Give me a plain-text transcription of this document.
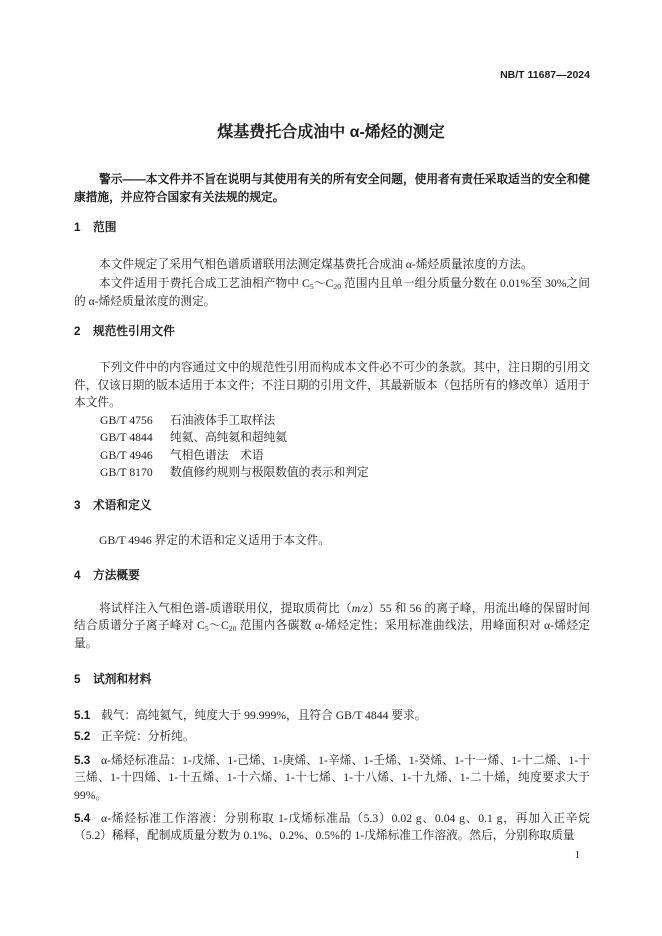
NB/T 11687—2024
煤基费托合成油中 α-烯烃的测定

警示——本文件并不旨在说明与其使用有关的所有安全问题，使用者有责任采取适当的安全和健康措施，并应符合国家有关法规的规定。

1 范围

本文件规定了采用气相色谱质谱联用法测定煤基费托合成油 α-烯烃质量浓度的方法。

本文件适用于费托合成工艺油相产物中 $C_5\sim C_{20}$ 范围内且单一组分质量分数在 0.01%至 30%之间的 α-烯烃质量浓度的测定。

2 规范性引用文件

下列文件中的内容通过文中的规范性引用而构成本文件必不可少的条款。其中，注日期的引用文件，仅该日期的版本适用于本文件；不注日期的引用文件，其最新版本（包括所有的修改单）适用于本文件。

GB/T 4756 石油液体手工取样法
GB/T 4844 纯氦、高纯氦和超纯氦
GB/T 4946 气相色谱法　术语
GB/T 8170 数值修约规则与极限数值的表示和判定
3 术语和定义

GB/T 4946 界定的术语和定义适用于本文件。

4 方法概要

将试样注入气相色谱-质谱联用仪，提取质荷比（m/z）55 和 56 的离子峰，用流出峰的保留时间结合质谱分子离子峰对 $C_5\sim C_{20}$ 范围内各碳数 α-烯烃定性；采用标准曲线法，用峰面积对 α-烯烃定量。

5 试剂和材料

5.1 载气：高纯氦气，纯度大于 99.999%，且符合 GB/T 4844 要求。

5.2 正辛烷：分析纯。

5.3 α-烯烃标准品：1-戊烯、1-己烯、1-庚烯、1-辛烯、1-壬烯、1-癸烯、1-十一烯、1-十二烯、1-十三烯、1-十四烯、1-十五烯、1-十六烯、1-十七烯、1-十八烯、1-十九烯、1-二十烯，纯度要求大于 99%。

5.4 α-烯烃标准工作溶液：分别称取 1-戊烯标准品（5.3）0.02 g、0.04 g、0.1 g，再加入正辛烷（5.2）稀释，配制成质量分数为 0.1%、0.2%、0.5%的 1-戊烯标准工作溶液。然后，分别称取质量

1
